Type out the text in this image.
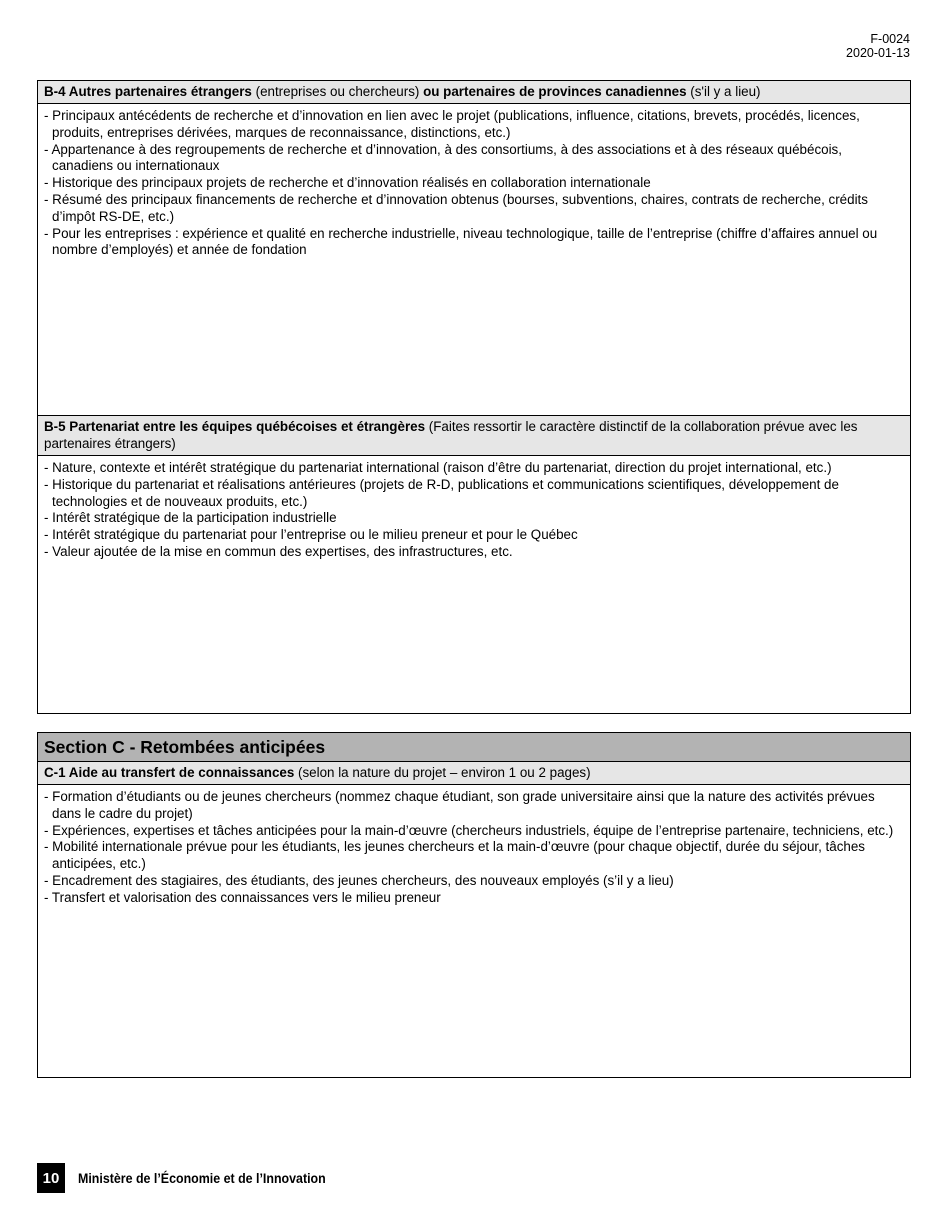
F-0024
2020-01-13
B-4 Autres partenaires étrangers (entreprises ou chercheurs) ou partenaires de provinces canadiennes (s'il y a lieu)
- Principaux antécédents de recherche et d’innovation en lien avec le projet (publications, influence, citations, brevets, procédés, licences, produits, entreprises dérivées, marques de reconnaissance, distinctions, etc.)
- Appartenance à des regroupements de recherche et d’innovation, à des consortiums, à des associations et à des réseaux québécois, canadiens ou internationaux
- Historique des principaux projets de recherche et d’innovation réalisés en collaboration internationale
- Résumé des principaux financements de recherche et d’innovation obtenus (bourses, subventions, chaires, contrats de recherche, crédits d’impôt RS-DE, etc.)
- Pour les entreprises : expérience et qualité en recherche industrielle, niveau technologique, taille de l’entreprise (chiffre d’affaires annuel ou nombre d’employés) et année de fondation
B-5 Partenariat entre les équipes québécoises et étrangères (Faites ressortir le caractère distinctif de la collaboration prévue avec les partenaires étrangers)
- Nature, contexte et intérêt stratégique du partenariat international (raison d’être du partenariat, direction du projet international, etc.)
- Historique du partenariat et réalisations antérieures (projets de R-D, publications et communications scientifiques, développement de technologies et de nouveaux produits, etc.)
- Intérêt stratégique de la participation industrielle
- Intérêt stratégique du partenariat pour l’entreprise ou le milieu preneur et pour le Québec
- Valeur ajoutée de la mise en commun des expertises, des infrastructures, etc.
Section C - Retombées anticipées
C-1 Aide au transfert de connaissances (selon la nature du projet – environ 1 ou 2 pages)
- Formation d’étudiants ou de jeunes chercheurs (nommez chaque étudiant, son grade universitaire ainsi que la nature des activités prévues dans le cadre du projet)
- Expériences, expertises et tâches anticipées pour la main-d’œuvre (chercheurs industriels, équipe de l’entreprise partenaire, techniciens, etc.)
- Mobilité internationale prévue pour les étudiants, les jeunes chercheurs et la main-d’œuvre (pour chaque objectif, durée du séjour, tâches anticipées, etc.)
- Encadrement des stagiaires, des étudiants, des jeunes chercheurs, des nouveaux employés (s’il y a lieu)
- Transfert et valorisation des connaissances vers le milieu preneur
10	Ministère de l’Économie et de l’Innovation
